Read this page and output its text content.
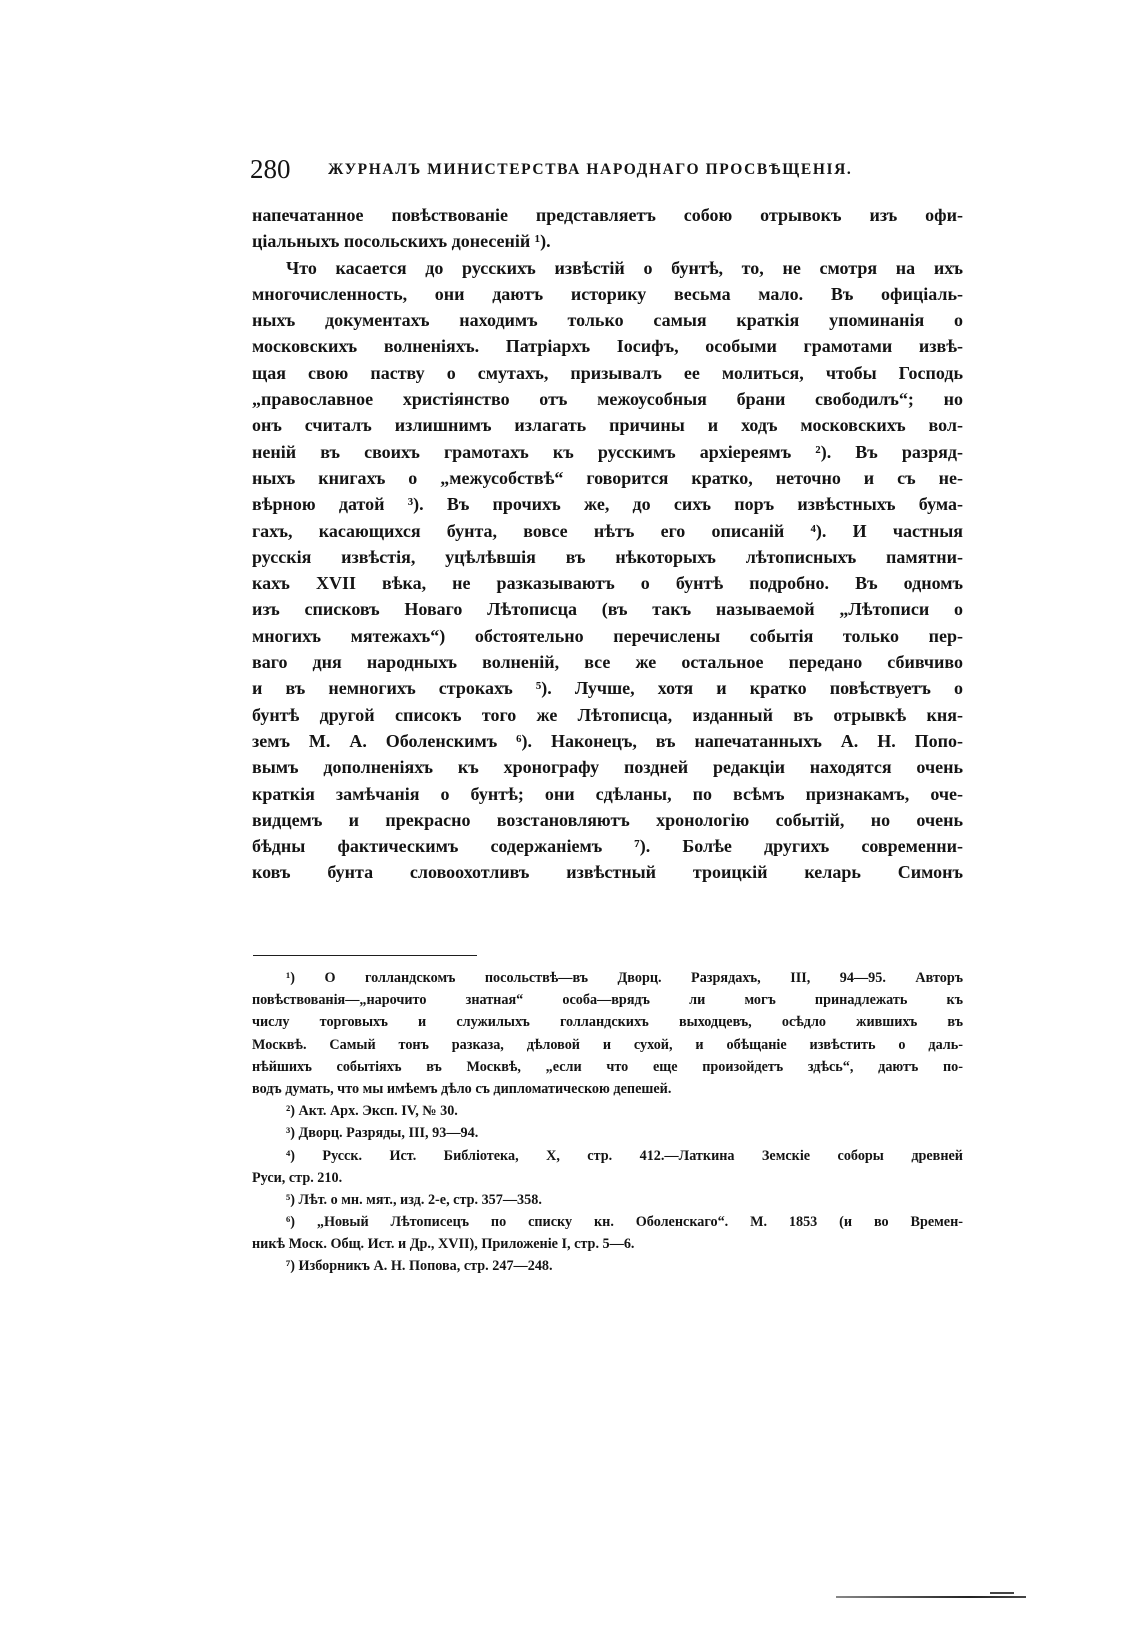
280 ЖУРНАЛЪ МИНИСТЕРСТВА НАРОДНАГО ПРОСВѢЩЕНІЯ.
напечатанное повѣствованіе представляетъ собою отрывокъ изъ офи-
ціальныхъ посольскихъ донесеній ¹).
Что касается до русскихъ извѣстій о бунтѣ, то, не смотря на ихъ
многочисленность, они даютъ историку весьма мало. Въ офиціаль-
ныхъ документахъ находимъ только самыя краткія упоминанія о
московскихъ волненіяхъ. Патріархъ Іосифъ, особыми грамотами извѣ-
щая свою паству о смутахъ, призывалъ ее молиться, чтобы Господь
„православное христіянство отъ межоусобныя брани свободилъ“; но
онъ считалъ излишнимъ излагать причины и ходъ московскихъ вол-
неній въ своихъ грамотахъ къ русскимъ архіереямъ ²). Въ разряд-
ныхъ книгахъ о „межусобствѣ“ говорится кратко, неточно и съ не-
вѣрною датой ³). Въ прочихъ же, до сихъ поръ извѣстныхъ бума-
гахъ, касающихся бунта, вовсе нѣтъ его описаній ⁴). И частныя
русскія извѣстія, уцѣлѣвшія въ нѣкоторыхъ лѣтописныхъ памятни-
кахъ XVII вѣка, не разказываютъ о бунтѣ подробно. Въ одномъ
изъ списковъ Новаго Лѣтописца (въ такъ называемой „Лѣтописи о
многихъ мятежахъ“) обстоятельно перечислены событія только пер-
ваго дня народныхъ волненій, все же остальное передано сбивчиво
и въ немногихъ строкахъ ⁵). Лучше, хотя и кратко повѣствуетъ о
бунтѣ другой списокъ того же Лѣтописца, изданный въ отрывкѣ кня-
земъ М. А. Оболенскимъ ⁶). Наконецъ, въ напечатанныхъ А. Н. Попо-
вымъ дополненіяхъ къ хронографу поздней редакціи находятся очень
краткія замѣчанія о бунтѣ; они сдѣланы, по всѣмъ признакамъ, оче-
видцемъ и прекрасно возстановляютъ хронологію событій, но очень
бѣдны фактическимъ содержаніемъ ⁷). Болѣе другихъ современни-
ковъ бунта словоохотливъ извѣстный троицкій келарь Симонъ
¹) О голландскомъ посольствѣ—въ Дворц. Разрядахъ, III, 94—95. Авторъ
повѣствованія—„нарочито знатная“ особа—врядъ ли могъ принадлежать къ
числу торговыхъ и служилыхъ голландскихъ выходцевъ, осѣдло жившихъ въ
Москвѣ. Самый тонъ разказа, дѣловой и сухой, и обѣщаніе извѣстить о даль-
нѣйшихъ событіяхъ въ Москвѣ, „если что еще произойдетъ здѣсь“, даютъ по-
водъ думать, что мы имѣемъ дѣло съ дипломатическою депешей.
²) Акт. Арх. Эксп. IV, № 30.
³) Дворц. Разряды, III, 93—94.
⁴) Русск. Ист. Библіотека, X, стр. 412.—Латкина Земскіе соборы древней
Руси, стр. 210.
⁵) Лѣт. о мн. мят., изд. 2-е, стр. 357—358.
⁶) „Новый Лѣтописецъ по списку кн. Оболенскаго“. М. 1853 (и во Времен-
никѣ Моск. Общ. Ист. и Др., XVII), Приложеніе I, стр. 5—6.
⁷) Изборникъ А. Н. Попова, стр. 247—248.
